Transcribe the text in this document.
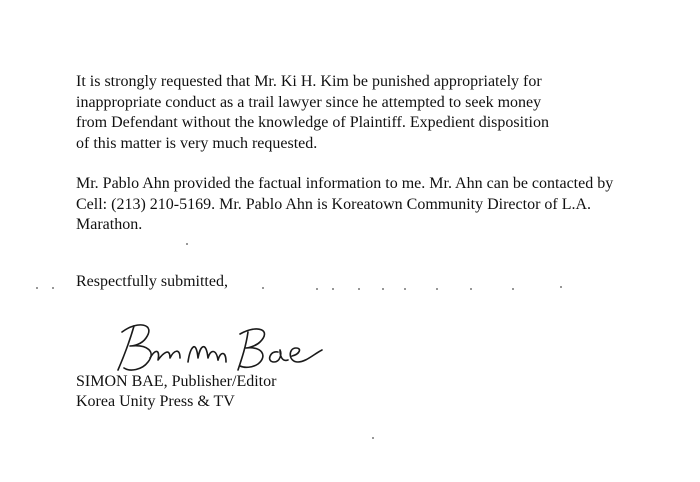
It is strongly requested that Mr. Ki H. Kim be punished appropriately for
inappropriate conduct as a trail lawyer since he attempted to seek money
from Defendant without the knowledge of Plaintiff. Expedient disposition
of this matter is very much requested.

Mr. Pablo Ahn provided the factual information to me. Mr. Ahn can be contacted by
Cell: (213) 210-5169. Mr. Pablo Ahn is Koreatown Community Director of L.A.
Marathon.

Respectfully submitted,
Simon Bae
SIMON BAE, Publisher/Editor
Korea Unity Press & TV
